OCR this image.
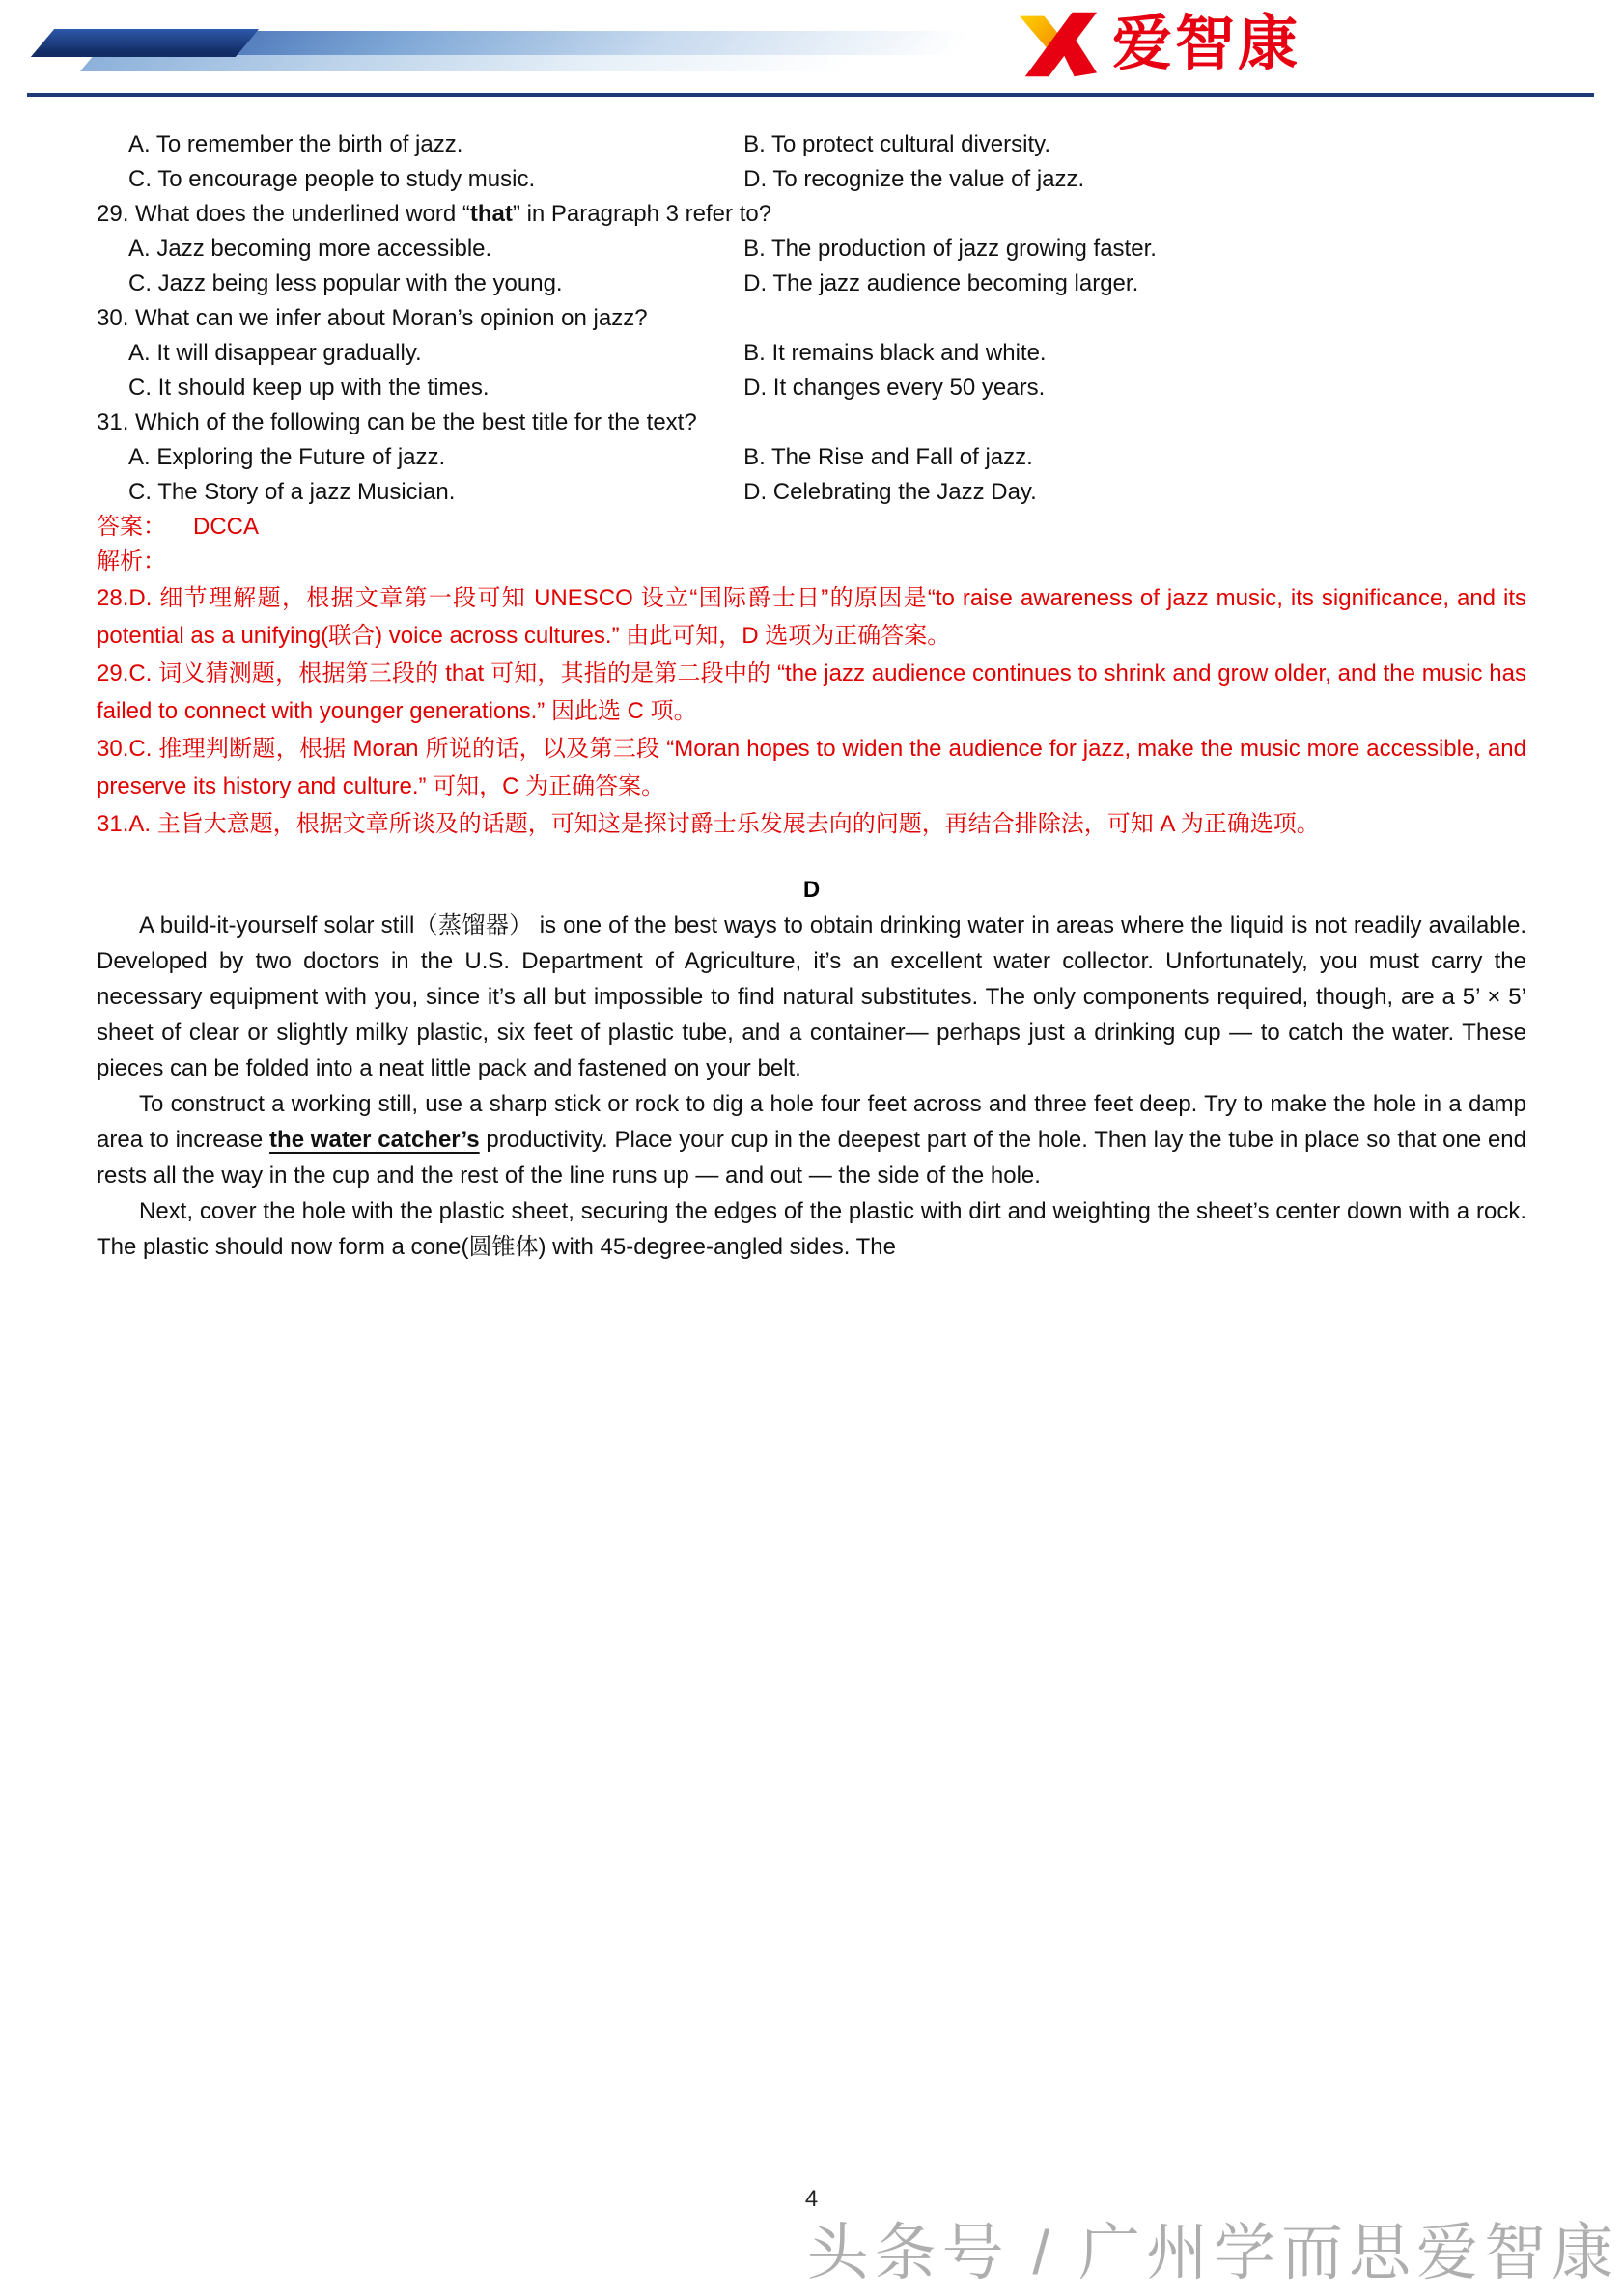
爱智康
A. To remember the birth of jazz.	B. To protect cultural diversity.
C. To encourage people to study music.	D. To recognize the value of jazz.

29. What does the underlined word “that” in Paragraph 3 refer to?

A. Jazz becoming more accessible.	B. The production of jazz growing faster.
C. Jazz being less popular with the young.	D. The jazz audience becoming larger.

30. What can we infer about Moran’s opinion on jazz?

A. It will disappear gradually.	B. It remains black and white.
C. It should keep up with the times.	D. It changes every 50 years.

31. Which of the following can be the best title for the text?

A. Exploring the Future of jazz.	B. The Rise and Fall of jazz.
C. The Story of a jazz Musician.	D. Celebrating the Jazz Day.

答案： DCCA

解析：

28.D. 细节理解题，根据文章第一段可知 UNESCO 设立“国际爵士日”的原因是“to raise awareness of jazz music, its significance, and its potential as a unifying(联合) voice across cultures.” 由此可知，D 选项为正确答案。

29.C. 词义猜测题，根据第三段的 that 可知，其指的是第二段中的 “the jazz audience continues to shrink and grow older, and the music has failed to connect with younger generations.” 因此选 C 项。

30.C. 推理判断题，根据 Moran 所说的话，以及第三段 “Moran hopes to widen the audience for jazz, make the music more accessible, and preserve its history and culture.” 可知，C 为正确答案。

31.A. 主旨大意题，根据文章所谈及的话题，可知这是探讨爵士乐发展去向的问题，再结合排除法，可知 A 为正确选项。

D

A build-it-yourself solar still（蒸馏器） is one of the best ways to obtain drinking water in areas where the liquid is not readily available. Developed by two doctors in the U.S. Department of Agriculture, it’s an excellent water collector. Unfortunately, you must carry the necessary equipment with you, since it’s all but impossible to find natural substitutes. The only components required, though, are a 5’ × 5’ sheet of clear or slightly milky plastic, six feet of plastic tube, and a container— perhaps just a drinking cup — to catch the water. These pieces can be folded into a neat little pack and fastened on your belt.

To construct a working still, use a sharp stick or rock to dig a hole four feet across and three feet deep. Try to make the hole in a damp area to increase the water catcher’s productivity. Place your cup in the deepest part of the hole. Then lay the tube in place so that one end rests all the way in the cup and the rest of the line runs up — and out — the side of the hole.

Next, cover the hole with the plastic sheet, securing the edges of the plastic with dirt and weighting the sheet’s center down with a rock. The plastic should now form a cone(圆锥体) with 45-degree-angled sides. The

4
头条号 / 广州学而思爱智康
